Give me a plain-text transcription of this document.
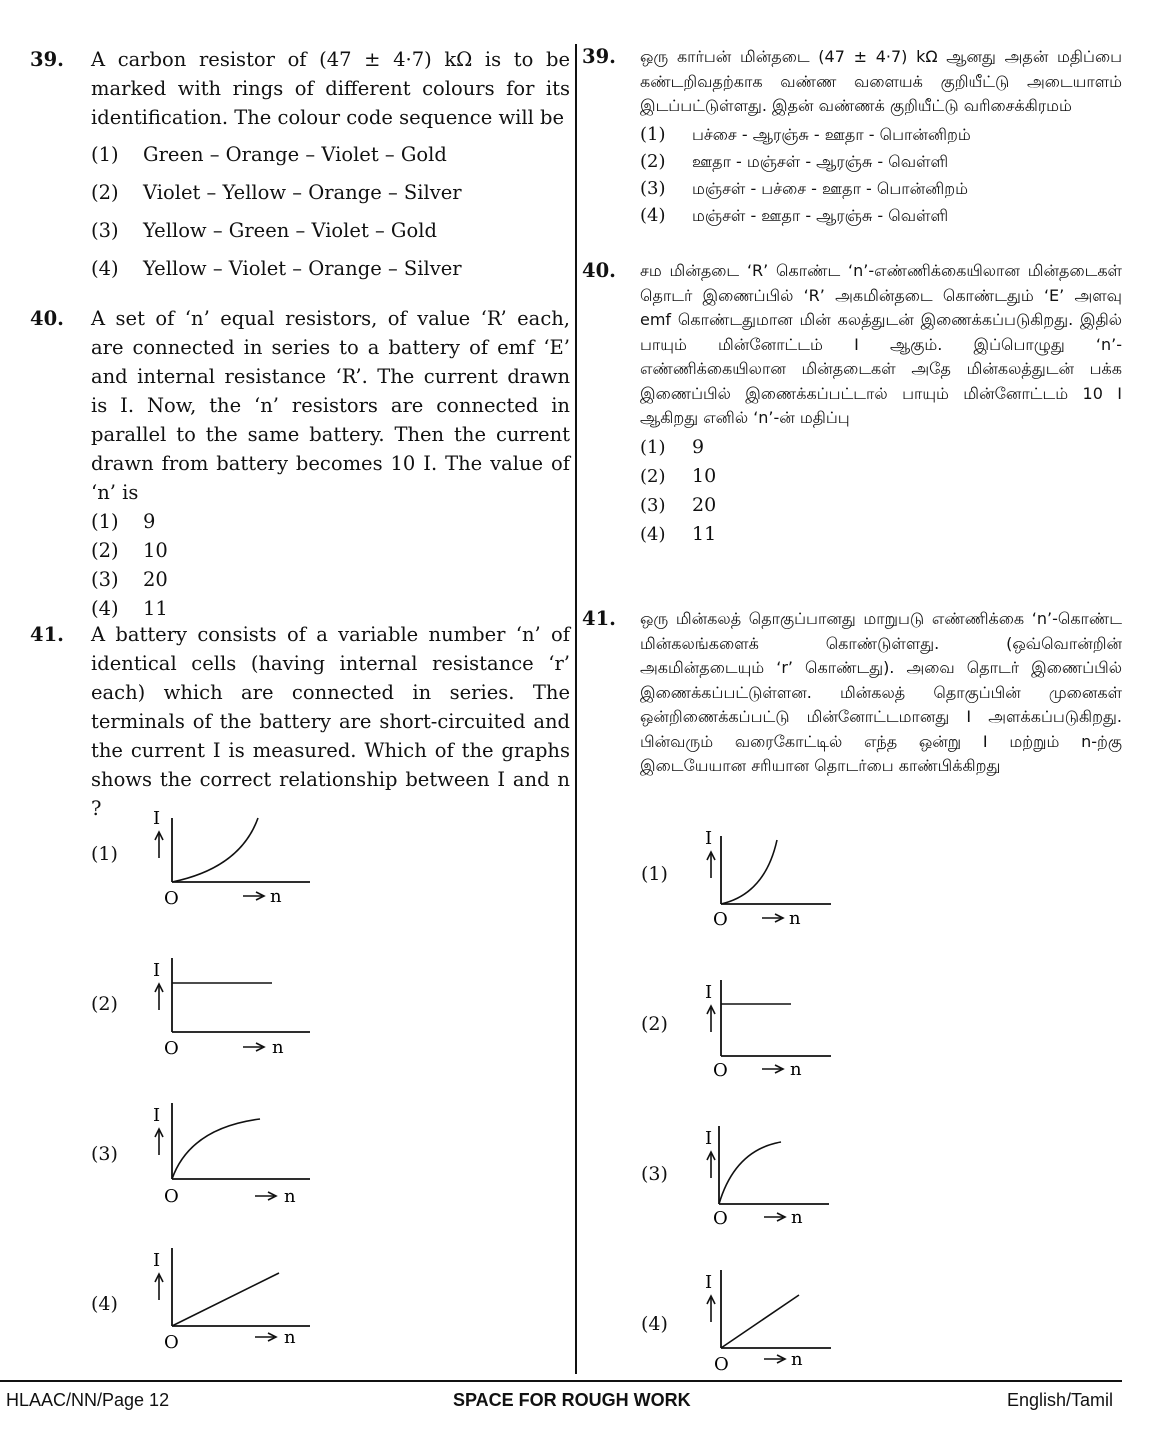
39. A carbon resistor of (47 ± 4·7) kΩ is to be marked with rings of different colours for its identification. The colour code sequence will be
(1) Green – Orange – Violet – Gold
(2) Violet – Yellow – Orange – Silver
(3) Yellow – Green – Violet – Gold
(4) Yellow – Violet – Orange – Silver
40. A set of ‘n’ equal resistors, of value ‘R’ each, are connected in series to a battery of emf ‘E’ and internal resistance ‘R’. The current drawn is I. Now, the ‘n’ resistors are connected in parallel to the same battery. Then the current drawn from battery becomes 10 I. The value of ‘n’ is
(1) 9
(2) 10
(3) 20
(4) 11
41. A battery consists of a variable number ‘n’ of identical cells (having internal resistance ‘r’ each) which are connected in series. The terminals of the battery are short-circuited and the current I is measured. Which of the graphs shows the correct relationship between I and n ?
(1)
I
O	n
(2)
I
O	n
(3)
I
O	n
(4)
I
O	n
39. ஒரு கார்பன் மின்தடை (47 ± 4·7) kΩ ஆனது அதன் மதிப்பை கண்டறிவதற்காக வண்ண வளையக் குறியீட்டு அடையாளம் இடப்பட்டுள்ளது. இதன் வண்ணக் குறியீட்டு வரிசைக்கிரமம்
(1) பச்சை - ஆரஞ்சு - ஊதா - பொன்னிறம்
(2) ஊதா - மஞ்சள் - ஆரஞ்சு - வெள்ளி
(3) மஞ்சள் - பச்சை - ஊதா - பொன்னிறம்
(4) மஞ்சள் - ஊதா - ஆரஞ்சு - வெள்ளி
40. சம மின்தடை ‘R’ கொண்ட ‘n’-எண்ணிக்கையிலான மின்தடைகள் தொடர் இணைப்பில் ‘R’ அகமின்தடை கொண்டதும் ‘E’ அளவு emf கொண்டதுமான மின் கலத்துடன் இணைக்கப்படுகிறது. இதில் பாயும் மின்னோட்டம் I ஆகும். இப்பொழுது ‘n’-எண்ணிக்கையிலான மின்தடைகள் அதே மின்கலத்துடன் பக்க இணைப்பில் இணைக்கப்பட்டால் பாயும் மின்னோட்டம் 10 I ஆகிறது எனில் ‘n’-ன் மதிப்பு
(1) 9
(2) 10
(3) 20
(4) 11
41. ஒரு மின்கலத் தொகுப்பானது மாறுபடு எண்ணிக்கை ‘n’-கொண்ட மின்கலங்களைக் கொண்டுள்ளது. (ஒவ்வொன்றின் அகமின்தடையும் ‘r’ கொண்டது). அவை தொடர் இணைப்பில் இணைக்கப்பட்டுள்ளன. மின்கலத் தொகுப்பின் முனைகள் ஒன்றிணைக்கப்பட்டு மின்னோட்டமானது I அளக்கப்படுகிறது. பின்வரும் வரைகோட்டில் எந்த ஒன்று I மற்றும் n-ற்கு இடையேயான சரியான தொடர்பை காண்பிக்கிறது
(1)
I
O	n
(2)
I
O	n
(3)
I
O	n
(4)
I
O	n
HLAAC/NN/Page 12	SPACE FOR ROUGH WORK	English/Tamil
